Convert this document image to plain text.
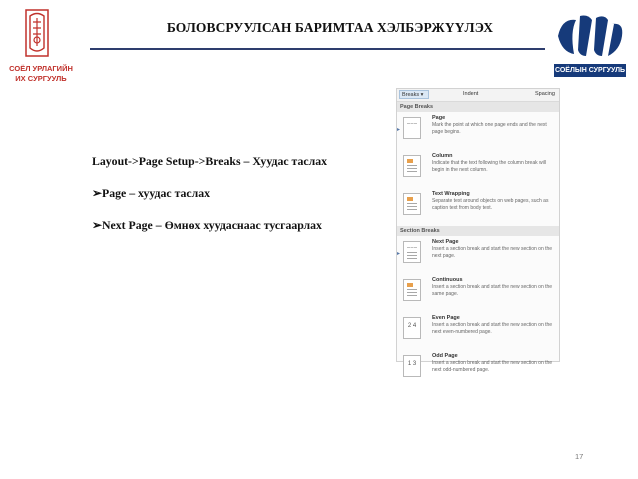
СОЁЛ УРЛАГИЙН
ИХ СУРГУУЛЬ
БОЛОВСРУУЛСАН БАРИМТАА ХЭЛБЭРЖҮҮЛЭХ
СОЁЛЫН СУРГУУЛЬ
Layout->Page Setup->Breaks – Хуудас таслах
➢Page – хуудас таслах
➢Next Page – Өмнөх хуудаснаас тусгаарлах
Breaks ▾	Indent	Spacing
Page Breaks
▸
Page
Mark the point at which one page ends and the next page begins.
Column
Indicate that the text following the column break will begin in the next column.
Text Wrapping
Separate text around objects on web pages, such as caption text from body text.
Section Breaks
▸
Next Page
Insert a section break and start the new section on the next page.
Continuous
Insert a section break and start the new section on the same page.
2 4
Even Page
Insert a section break and start the new section on the next even-numbered page.
1 3
Odd Page
Insert a section break and start the new section on the next odd-numbered page.
17
